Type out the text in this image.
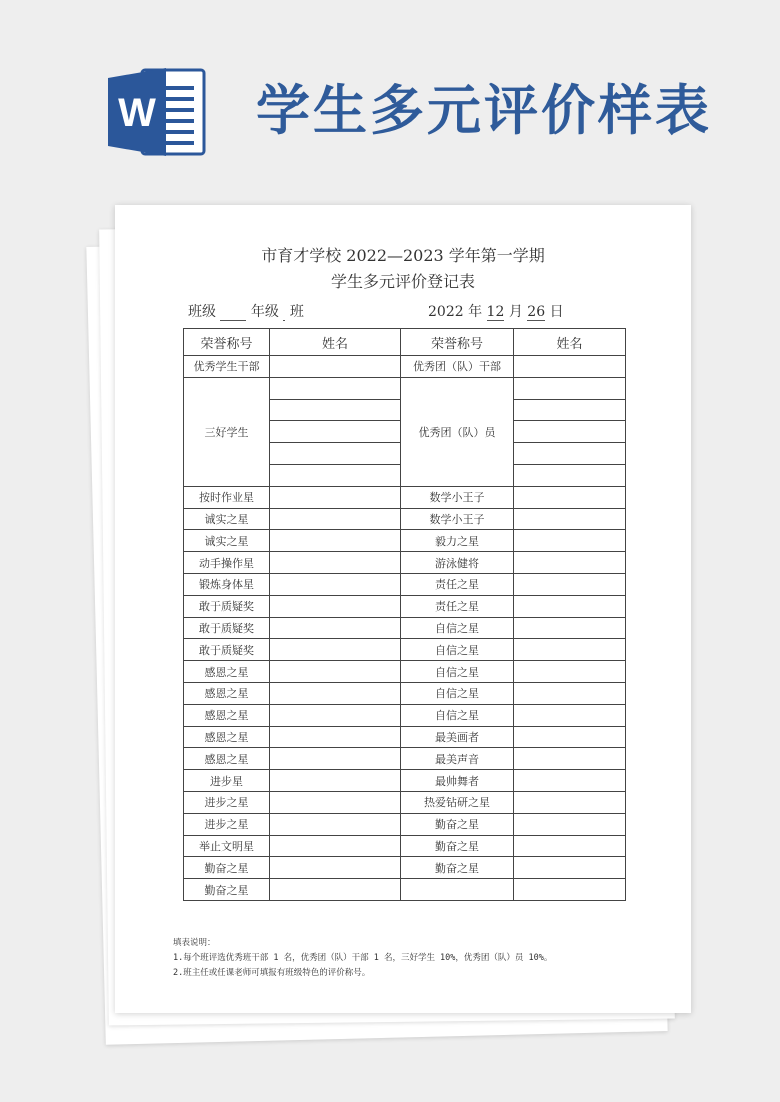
W 学生多元评价样表
市育才学校 2022—2023 学年第一学期
学生多元评价登记表
班级 年级 班	2022 年 12 月 26 日
荣誉称号	姓名	荣誉称号	姓名
优秀学生干部		优秀团（队）干部	
三好学生		优秀团（队）员	

按时作业星		数学小王子	
诚实之星		数学小王子	
诚实之星		毅力之星	
动手操作星		游泳健将	
锻炼身体星		责任之星	
敢于质疑奖		责任之星	
敢于质疑奖		自信之星	
敢于质疑奖		自信之星	
感恩之星		自信之星	
感恩之星		自信之星	
感恩之星		自信之星	
感恩之星		最美画者	
感恩之星		最美声音	
进步星		最帅舞者	
进步之星		热爱钻研之星	
进步之星		勤奋之星	
举止文明星		勤奋之星	
勤奋之星		勤奋之星	
勤奋之星			
填表说明：
1.每个班评选优秀班干部 1 名，优秀团（队）干部 1 名，三好学生 10%，优秀团（队）员 10%。
2.班主任或任课老师可填报有班级特色的评价称号。
